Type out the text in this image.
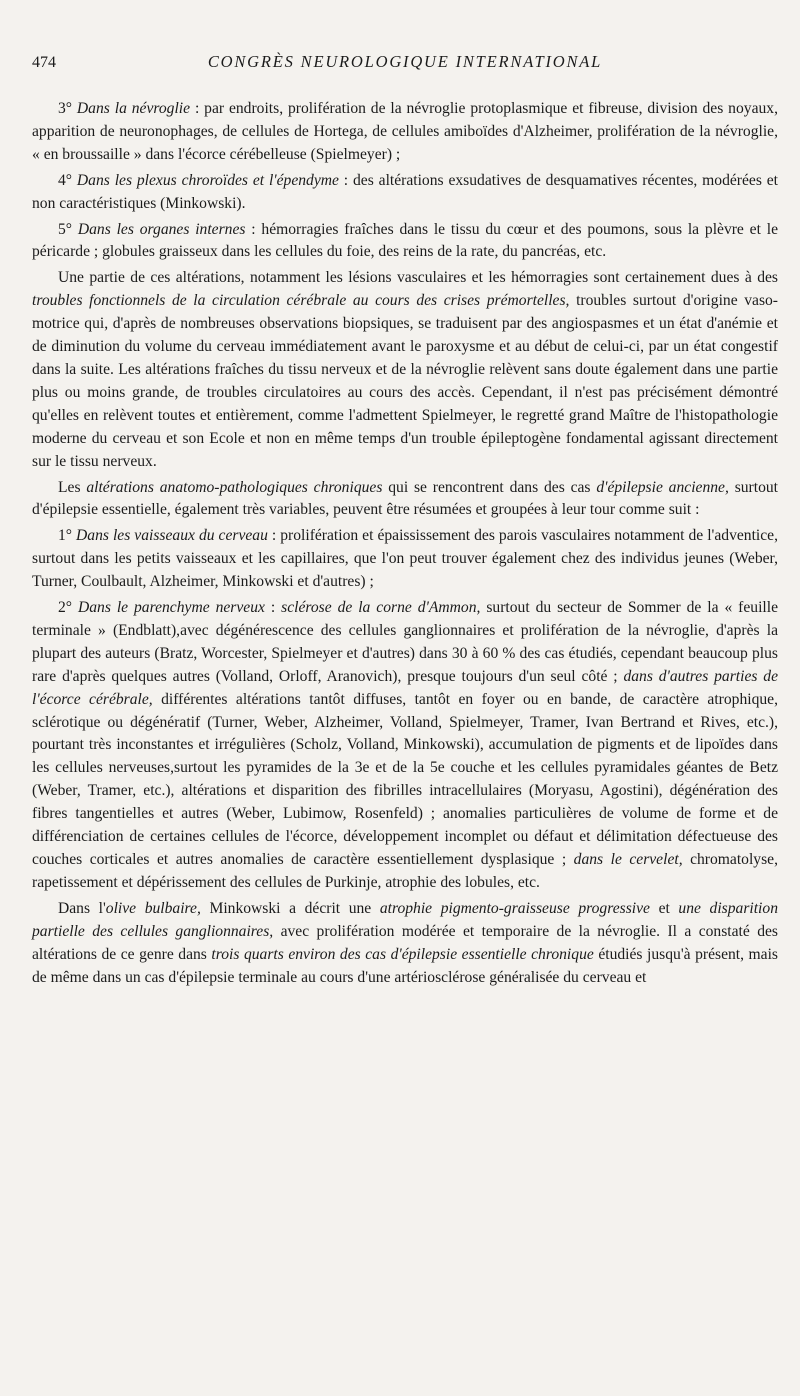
474	CONGRÈS NEUROLOGIQUE INTERNATIONAL

3° Dans la névroglie : par endroits, prolifération de la névroglie protoplasmique et fibreuse, division des noyaux, apparition de neuronophages, de cellules de Hortega, de cellules amiboïdes d'Alzheimer, prolifération de la névroglie, « en broussaille » dans l'écorce cérébelleuse (Spielmeyer) ;

4° Dans les plexus chroroïdes et l'épendyme : des altérations exsudatives de desquamatives récentes, modérées et non caractéristiques (Minkowski).

5° Dans les organes internes : hémorragies fraîches dans le tissu du cœur et des poumons, sous la plèvre et le péricarde ; globules graisseux dans les cellules du foie, des reins de la rate, du pancréas, etc.

Une partie de ces altérations, notamment les lésions vasculaires et les hémorragies sont certainement dues à des troubles fonctionnels de la circulation cérébrale au cours des crises prémortelles, troubles surtout d'origine vaso-motrice qui, d'après de nombreuses observations biopsiques, se traduisent par des angiospasmes et un état d'anémie et de diminution du volume du cerveau immédiatement avant le paroxysme et au début de celui-ci, par un état congestif dans la suite. Les altérations fraîches du tissu nerveux et de la névroglie relèvent sans doute également dans une partie plus ou moins grande, de troubles circulatoires au cours des accès. Cependant, il n'est pas précisément démontré qu'elles en relèvent toutes et entièrement, comme l'admettent Spielmeyer, le regretté grand Maître de l'histopathologie moderne du cerveau et son Ecole et non en même temps d'un trouble épileptogène fondamental agissant directement sur le tissu nerveux.

Les altérations anatomo-pathologiques chroniques qui se rencontrent dans des cas d'épilepsie ancienne, surtout d'épilepsie essentielle, également très variables, peuvent être résumées et groupées à leur tour comme suit :

1° Dans les vaisseaux du cerveau : prolifération et épaississement des parois vasculaires notamment de l'adventice, surtout dans les petits vaisseaux et les capillaires, que l'on peut trouver également chez des individus jeunes (Weber, Turner, Coulbault, Alzheimer, Minkowski et d'autres) ;

2° Dans le parenchyme nerveux : sclérose de la corne d'Ammon, surtout du secteur de Sommer de la « feuille terminale » (Endblatt),avec dégénérescence des cellules ganglionnaires et prolifération de la névroglie, d'après la plupart des auteurs (Bratz, Worcester, Spielmeyer et d'autres) dans 30 à 60 % des cas étudiés, cependant beaucoup plus rare d'après quelques autres (Volland, Orloff, Aranovich), presque toujours d'un seul côté ; dans d'autres parties de l'écorce cérébrale, différentes altérations tantôt diffuses, tantôt en foyer ou en bande, de caractère atrophique, sclérotique ou dégénératif (Turner, Weber, Alzheimer, Volland, Spielmeyer, Tramer, Ivan Bertrand et Rives, etc.), pourtant très inconstantes et irrégulières (Scholz, Volland, Minkowski), accumulation de pigments et de lipoïdes dans les cellules nerveuses,surtout les pyramides de la 3e et de la 5e couche et les cellules pyramidales géantes de Betz (Weber, Tramer, etc.), altérations et disparition des fibrilles intracellulaires (Moryasu, Agostini), dégénération des fibres tangentielles et autres (Weber, Lubimow, Rosenfeld) ; anomalies particulières de volume de forme et de différenciation de certaines cellules de l'écorce, développement incomplet ou défaut et délimitation défectueuse des couches corticales et autres anomalies de caractère essentiellement dysplasique ; dans le cervelet, chromatolyse, rapetissement et dépérissement des cellules de Purkinje, atrophie des lobules, etc.

Dans l'olive bulbaire, Minkowski a décrit une atrophie pigmento-graisseuse progressive et une disparition partielle des cellules ganglionnaires, avec prolifération modérée et temporaire de la névroglie. Il a constaté des altérations de ce genre dans trois quarts environ des cas d'épilepsie essentielle chronique étudiés jusqu'à présent, mais de même dans un cas d'épilepsie terminale au cours d'une artériosclérose généralisée du cerveau et
